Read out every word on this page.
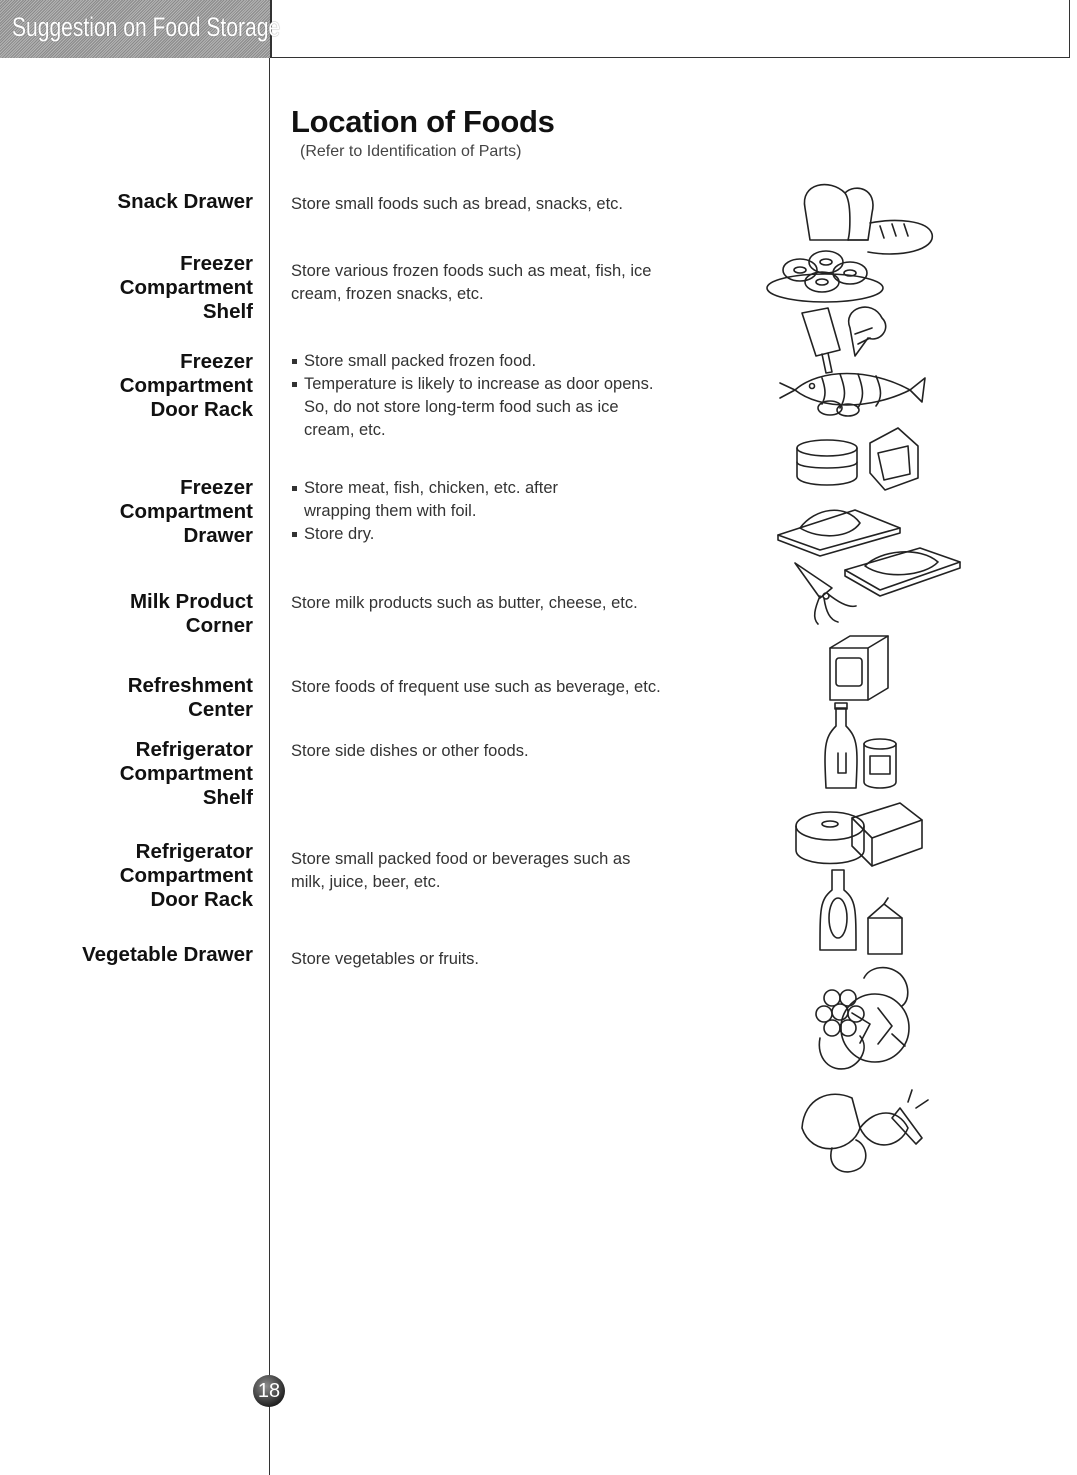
Suggestion on Food Storage
Location of Foods
(Refer to Identification of Parts)
Snack Drawer Store small foods such as bread, snacks, etc.
Freezer
Compartment
Shelf
Store various frozen foods such as meat, fish, ice cream, frozen snacks, etc.
Freezer
Compartment
Door Rack
Store small packed frozen food.
Temperature is likely to increase as door opens. So, do not store long-term food such as ice cream, etc.
Freezer
Compartment
Drawer
Store meat, fish, chicken, etc. after wrapping them with foil.
Store dry.
Milk Product
Corner
Store milk products such as butter, cheese, etc.
Refreshment
Center
Store foods of frequent use such as beverage, etc.
Refrigerator
Compartment
Shelf
Store side dishes or other foods.
Refrigerator
Compartment
Door Rack
Store small packed food or beverages such as milk, juice, beer, etc.
Vegetable Drawer Store vegetables or fruits.
18
